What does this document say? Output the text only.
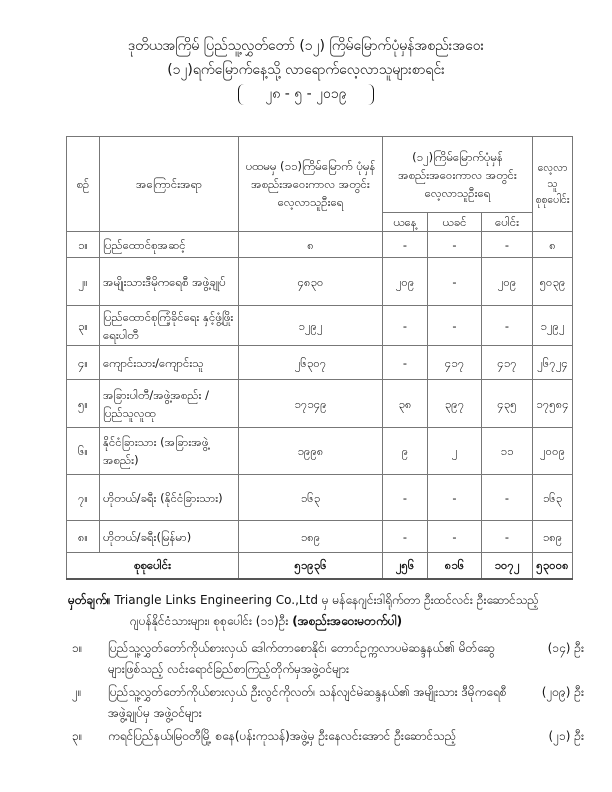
ဒုတိယအကြိမ် ပြည်သူ့လွှတ်တော် (၁၂) ကြိမ်မြောက်ပုံမှန်အစည်းအဝေး
(၁၂)ရက်မြောက်နေ့သို့ လာရောက်လေ့လာသူများစာရင်း
၂၈ - ၅ - ၂၀၁၉
စဉ်	အကြောင်းအရာ	ပထမမှ (၁၁)ကြိမ်မြောက် ပုံမှန်အစည်းအဝေးကာလ အတွင်းလေ့လာသူဦးရေ	(၁၂)ကြိမ်မြောက်ပုံမှန် အစည်းအဝေးကာလ အတွင်းလေ့လာသူဦးရေ			လေ့လာ သူ စုစုပေါင်း
			ယနေ့	ယခင်	ပေါင်း	
၁။	ပြည်ထောင်စုအဆင့်	၈	-	-	-	၈
၂။	အမျိုးသားဒီမိုကရေစီ အဖွဲ့ချုပ်	၄၈၃၀	၂၀၉	-	၂၀၉	၅၀၃၉
၃။	ပြည်ထောင်စုကြံ့ခိုင်ရေး နှင့်ဖွံ့ဖြိုးရေးပါတီ	၁၂၉၂	-	-	-	၁၂၉၂
၄။	ကျောင်းသား/ကျောင်းသူ	၂၆၃၀၇	-	၄၁၇	၄၁၇	၂၆၇၂၄
၅။	အခြားပါတီ/အဖွဲ့အစည်း / ပြည်သူလူထု	၁၇၁၄၉	၃၈	၃၉၇	၄၃၅	၁၇၅၈၄
၆။	နိုင်ငံခြားသား (အခြားအဖွဲ့အစည်း)	၁၉၉၈	၉	၂	၁၁	၂၀၀၉
၇။	ဟိုတယ်/ခရီး (နိုင်ငံခြားသား)	၁၆၃	-	-	-	၁၆၃
၈။	ဟိုတယ်/ခရီး(မြန်မာ)	၁၈၉	-	-	-	၁၈၉
စုစုပေါင်း		၅၁၉၃၆	၂၅၆	၈၁၆	၁၀၇၂	၅၃၀၀၈
မှတ်ချက်။ Triangle Links Engineering Co.,Ltd မှ မန်နေဂျင်းဒါရိုက်တာ ဦးထင်လင်း ဦးဆောင်သည့်
ဂျပန်နိုင်ငံသားများ၊ စုစုပေါင်း (၁၁)ဦး (အစည်းအဝေးမတက်ပါ)
၁။ ပြည်သူ့လွှတ်တော်ကိုယ်စားလှယ် ဒေါက်တာစောနိုင်၊ တောင်ဥက္ကလာပမဲဆန္ဒနယ်၏ မိတ်ဆွေများဖြစ်သည့် လင်းရောင်ခြည်စာကြည့်တိုက်မှအဖွဲ့ဝင်များ
(၁၄) ဦး
၂။ ပြည်သူ့လွှတ်တော်ကိုယ်စားလှယ် ဦးလွင်ကိုလတ်၊ သန်လျင်မဲဆန္ဒနယ်၏ အမျိုးသား ဒီမိုကရေစီအဖွဲ့ချုပ်မှ အဖွဲ့ဝင်များ
(၂၀၉) ဦး
၃။ ကရင်ပြည်နယ်၊မြဝတီမြို့ စနေ(ပန်းကုသန်)အဖွဲ့မှ ဦးနေလင်းအောင် ဦးဆောင်သည့်	(၂၁) ဦး
